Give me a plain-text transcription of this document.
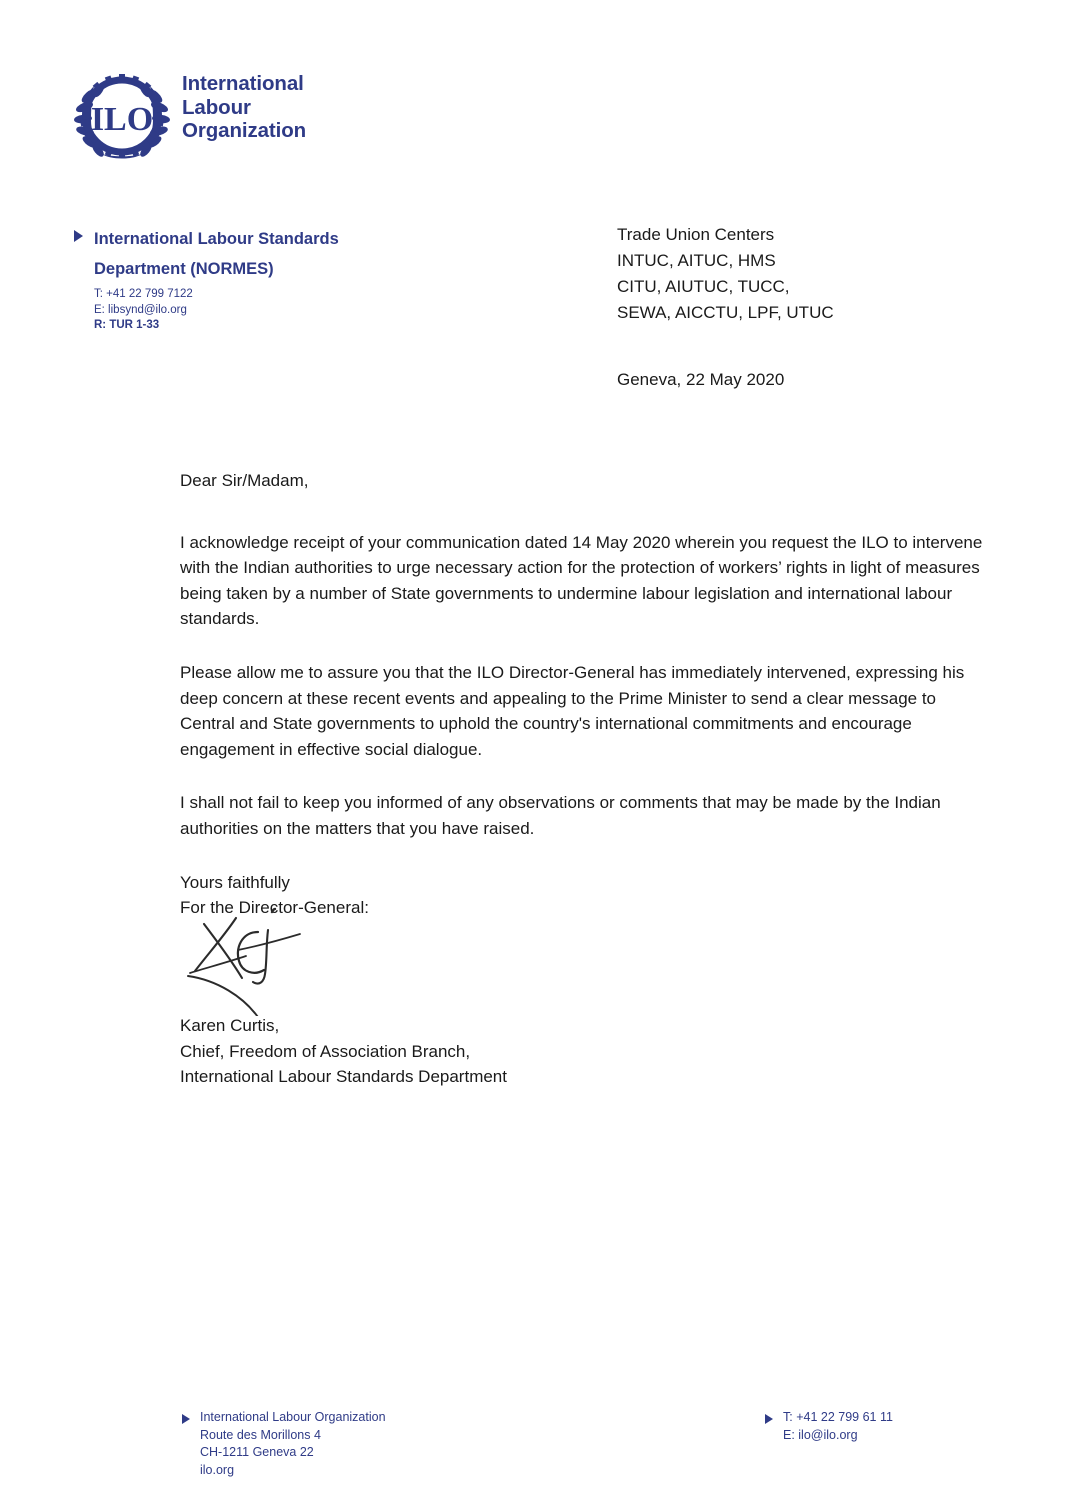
ILO
International
Labour
Organization
International Labour Standards
Department (NORMES)
T: +41 22 799 7122
E: libsynd@ilo.org
R: TUR 1-33
Trade Union Centers
INTUC, AITUC, HMS
CITU, AIUTUC, TUCC,
SEWA, AICCTU, LPF, UTUC
Geneva, 22 May 2020

Dear Sir/Madam,

I acknowledge receipt of your communication dated 14 May 2020 wherein you request the ILO to intervene with the Indian authorities to urge necessary action for the protection of workers’ rights in light of measures being taken by a number of State governments to undermine labour legislation and international labour standards.

Please allow me to assure you that the ILO Director-General has immediately intervened, expressing his deep concern at these recent events and appealing to the Prime Minister to send a clear message to Central and State governments to uphold the country's international commitments and encourage engagement in effective social dialogue.

I shall not fail to keep you informed of any observations or comments that may be made by the Indian authorities on the matters that you have raised.

Yours faithfully
For the Director-General:
Karen Curtis,
Chief, Freedom of Association Branch,
International Labour Standards Department
International Labour Organization
Route des Morillons 4
CH-1211 Geneva 22
ilo.org
T: +41 22 799 61 11
E: ilo@ilo.org
